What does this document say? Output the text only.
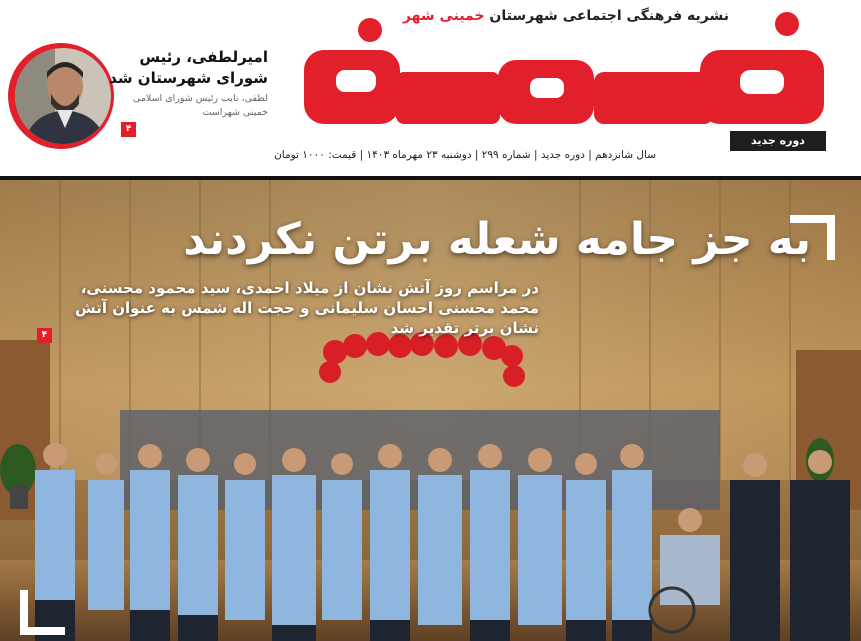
نشریه فرهنگی اجتماعی شهرستان خمینی شهر
دوره جدید
سال شانزدهم | دوره جدید | شماره ۲۹۹ | دوشنبه ۲۳ مهرماه ۱۴۰۳ | قیمت: ۱۰۰۰ تومان
امیرلطفی، رئیس شورای شهرستان شد
لطفی، نایب رئیس شورای اسلامی خمینی شهراست
۴
به جز جامه شعله برتن نکردند
در مراسم روز آتش نشان از میلاد احمدی، سید محمود محسنی، محمد محسنی احسان سلیمانی و حجت اله شمس به عنوان آتش نشان برتر تقدیر شد
۴
